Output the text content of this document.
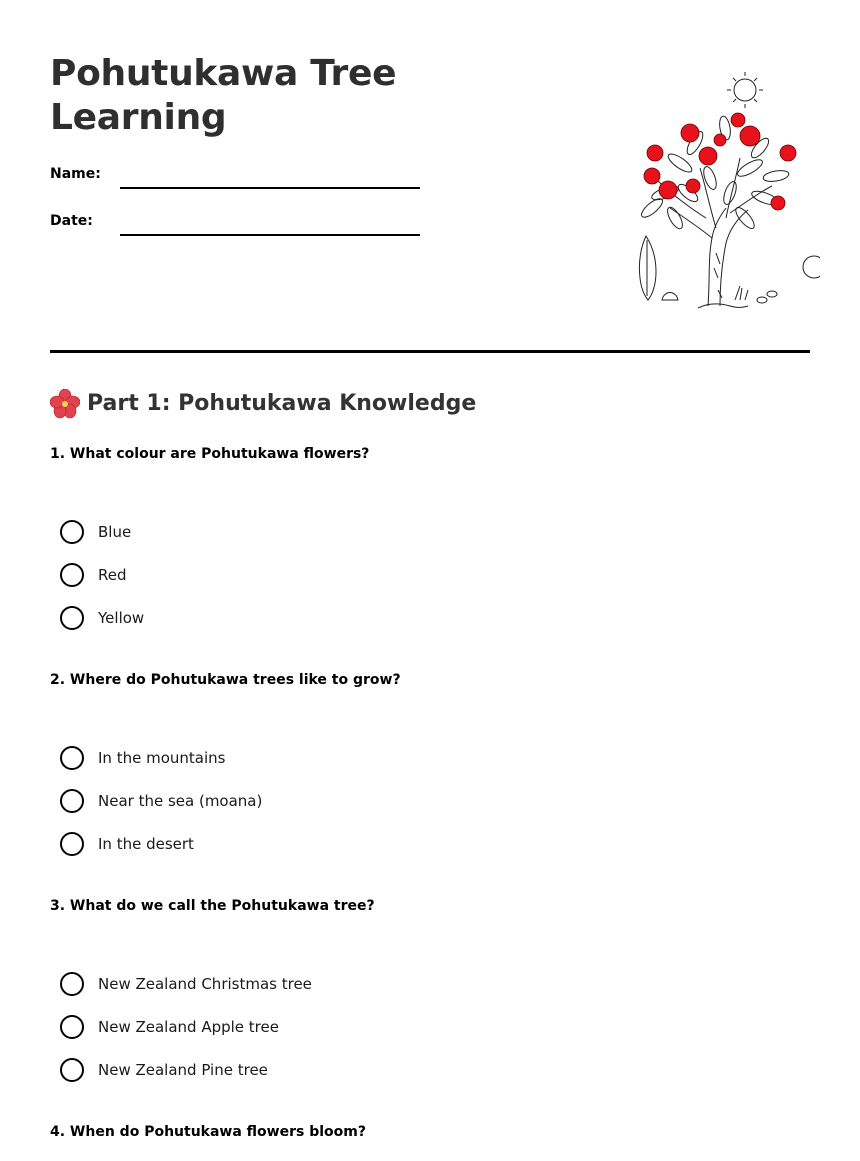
Pohutukawa Tree Learning
Name:
Date:
Part 1: Pohutukawa Knowledge

1. What colour are Pohutukawa flowers?

Blue
Red
Yellow

2. Where do Pohutukawa trees like to grow?

In the mountains
Near the sea (moana)
In the desert

3. What do we call the Pohutukawa tree?

New Zealand Christmas tree
New Zealand Apple tree
New Zealand Pine tree

4. When do Pohutukawa flowers bloom?
